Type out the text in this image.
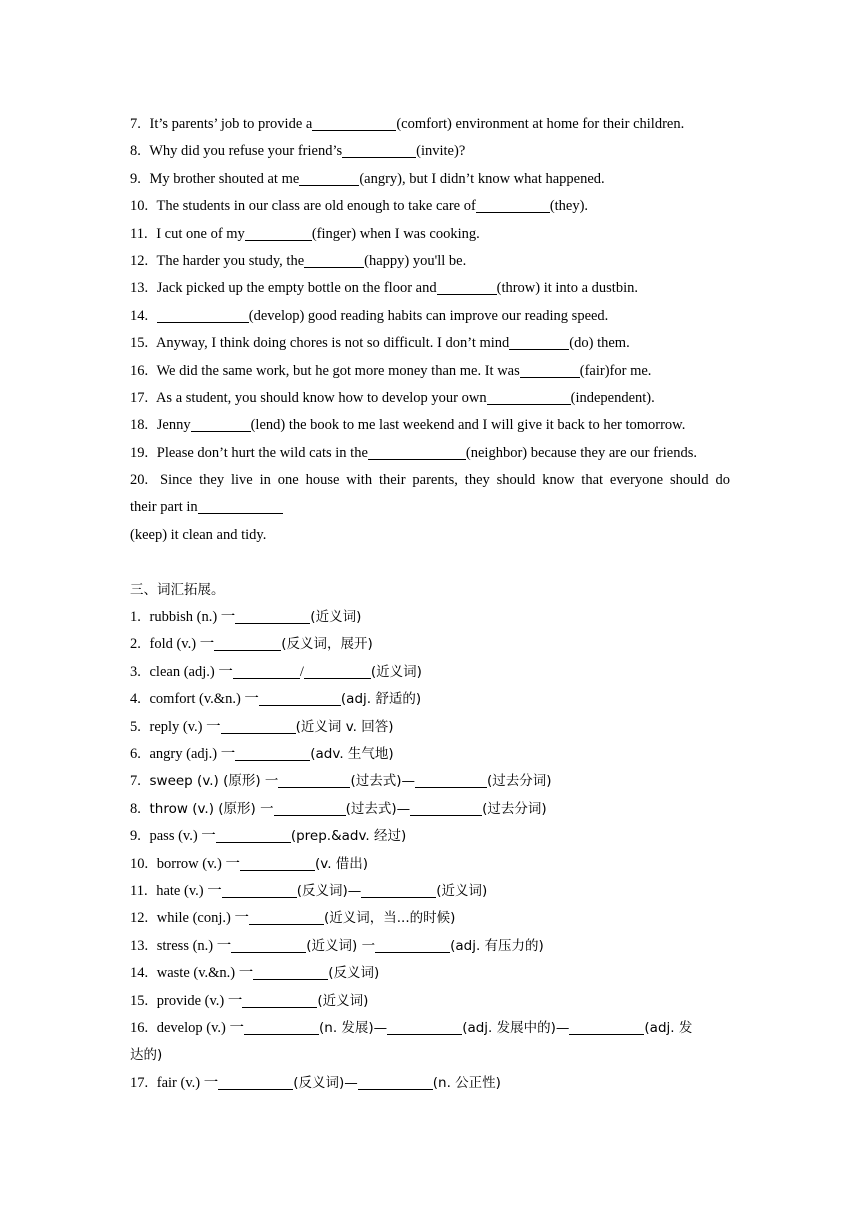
7. It’s parents’ job to provide a	(comfort) environment at home for their children.
8. Why did you refuse your friend’s	(invite)?
9. My brother shouted at me	(angry), but I didn’t know what happened.
10. The students in our class are old enough to take care of	(they).
11. I cut one of my	(finger) when I was cooking.
12. The harder you study, the	(happy) you'll be.
13. Jack picked up the empty bottle on the floor and	(throw) it into a dustbin.
14.	(develop) good reading habits can improve our reading speed.
15. Anyway, I think doing chores is not so difficult. I don’t mind	(do) them.
16. We did the same work, but he got more money than me. It was	(fair)for me.
17. As a student, you should know how to develop your own	(independent).
18. Jenny	(lend) the book to me last weekend and I will give it back to her tomorrow.
19. Please don’t hurt the wild cats in the	(neighbor) because they are our friends.
20. Since they live in one house with their parents, they should know that everyone should do
their part in
(keep) it clean and tidy.
三、词汇拓展。
1. rubbish (n.) 一	(近义词)
2. fold (v.) 一	(反义词，展开)
3. clean (adj.) 一	/	(近义词)
4. comfort (v.&n.) 一	(adj. 舒适的)
5. reply (v.) 一	(近义词 v. 回答)
6. angry (adj.) 一	(adv. 生气地)
7. sweep (v.) (原形) 一	(过去式)—	(过去分词)
8. throw (v.) (原形) 一	(过去式)—	(过去分词)
9. pass (v.) 一	(prep.&adv. 经过)
10. borrow (v.) 一	(v. 借出)
11. hate (v.) 一	(反义词)—	(近义词)
12. while (conj.) 一	(近义词，当...的时候)
13. stress (n.) 一	(近义词) 一	(adj. 有压力的)
14. waste (v.&n.) 一	(反义词)
15. provide (v.) 一	(近义词)
16. develop (v.) 一	(n. 发展)—	(adj. 发展中的)—	(adj. 发
达的)
17. fair (v.) 一	(反义词)—	(n. 公正性)
